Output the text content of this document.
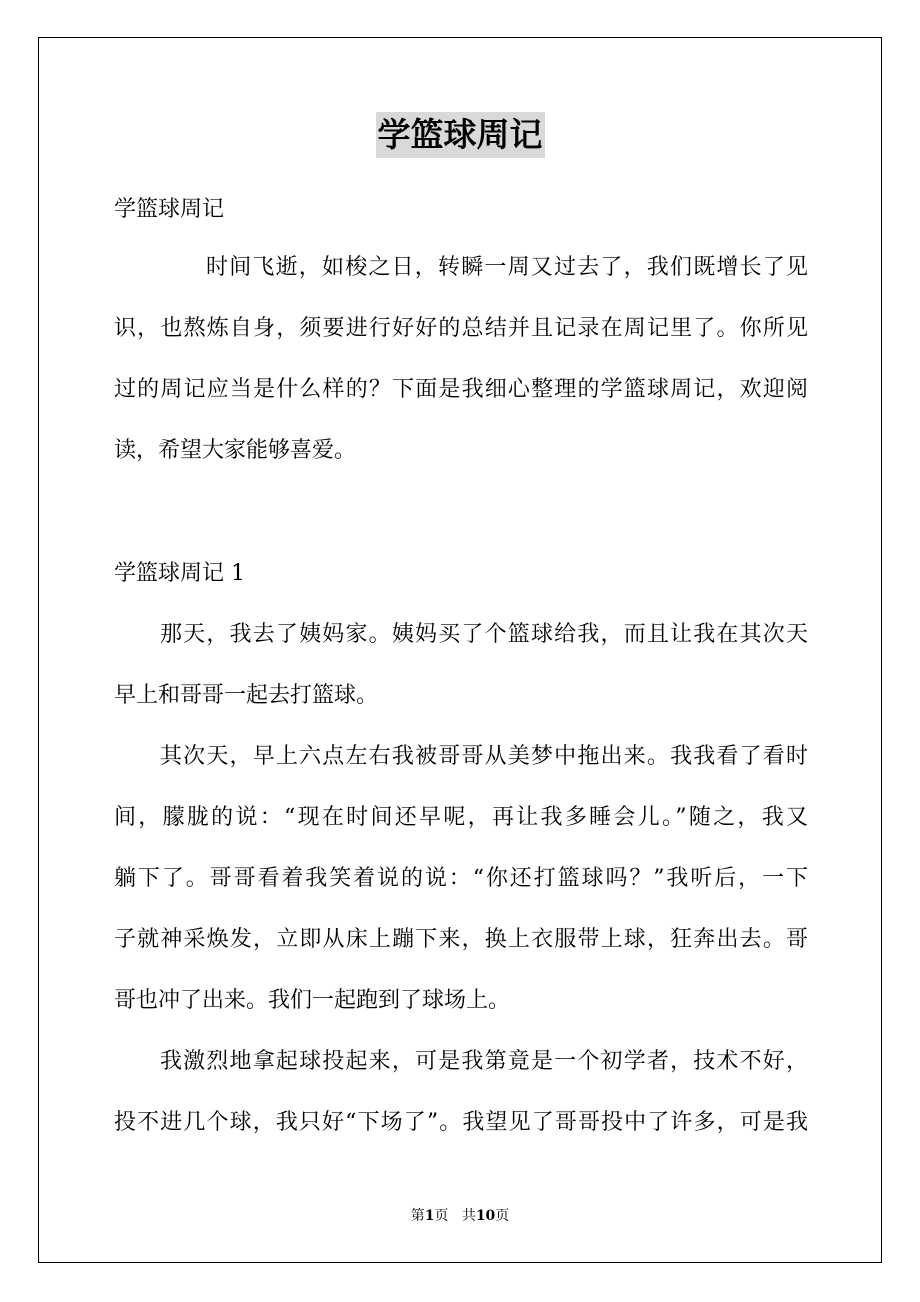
学篮球周记
学篮球周记
时间飞逝，如梭之日，转瞬一周又过去了，我们既增长了见
识，也熬炼自身，须要进行好好的总结并且记录在周记里了。你所见
过的周记应当是什么样的？下面是我细心整理的学篮球周记，欢迎阅
读，希望大家能够喜爱。
学篮球周记 1
那天，我去了姨妈家。姨妈买了个篮球给我，而且让我在其次天
早上和哥哥一起去打篮球。
其次天，早上六点左右我被哥哥从美梦中拖出来。我我看了看时
间，朦胧的说：“现在时间还早呢，再让我多睡会儿。”随之，我又
躺下了。哥哥看着我笑着说的说：“你还打篮球吗？”我听后，一下
子就神采焕发，立即从床上蹦下来，换上衣服带上球，狂奔出去。哥
哥也冲了出来。我们一起跑到了球场上。
我激烈地拿起球投起来，可是我第竟是一个初学者，技术不好，
投不进几个球，我只好“下场了”。我望见了哥哥投中了许多，可是我
第1页 共10页
